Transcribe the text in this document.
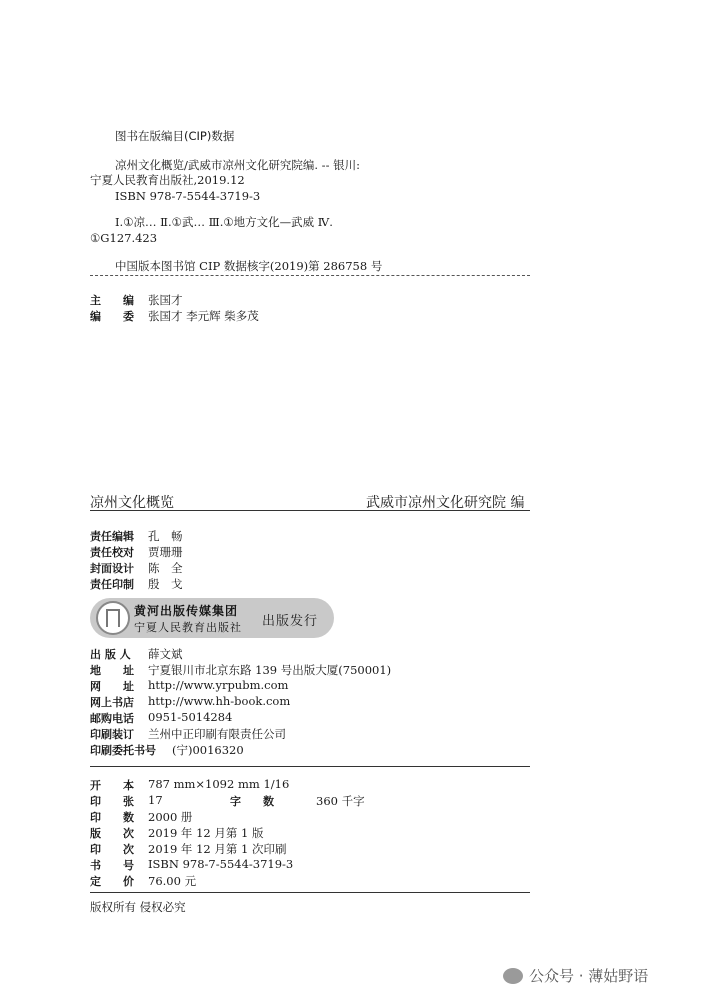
图书在版编目(CIP)数据
凉州文化概览/武威市凉州文化研究院编. -- 银川:
宁夏人民教育出版社,2019.12
ISBN 978-7-5544-3719-3
Ⅰ.①凉… Ⅱ.①武… Ⅲ.①地方文化—武威 Ⅳ.
①G127.423
中国版本图书馆 CIP 数据核字(2019)第 286758 号
主　　编 张国才
编　　委 张国才 李元辉 柴多茂
凉州文化概览	武威市凉州文化研究院 编
责任编辑 孔　畅
责任校对 贾珊珊
封面设计 陈　全
责任印制 殷　戈
黄河出版传媒集团
宁夏人民教育出版社 出版发行
出 版 人 薛文斌
地　　址 宁夏银川市北京东路 139 号出版大厦(750001)
网　　址 http://www.yrpubm.com
网上书店 http://www.hh-book.com
邮购电话 0951-5014284
印刷装订 兰州中正印刷有限责任公司
印刷委托书号 (宁)0016320
开　　本 787 mm×1092 mm 1/16
印　　张 17	字　　数	360 千字
印　　数 2000 册
版　　次 2019 年 12 月第 1 版
印　　次 2019 年 12 月第 1 次印刷
书　　号 ISBN 978-7-5544-3719-3
定　　价 76.00 元
版权所有 侵权必究
公众号 · 薄姑野语
